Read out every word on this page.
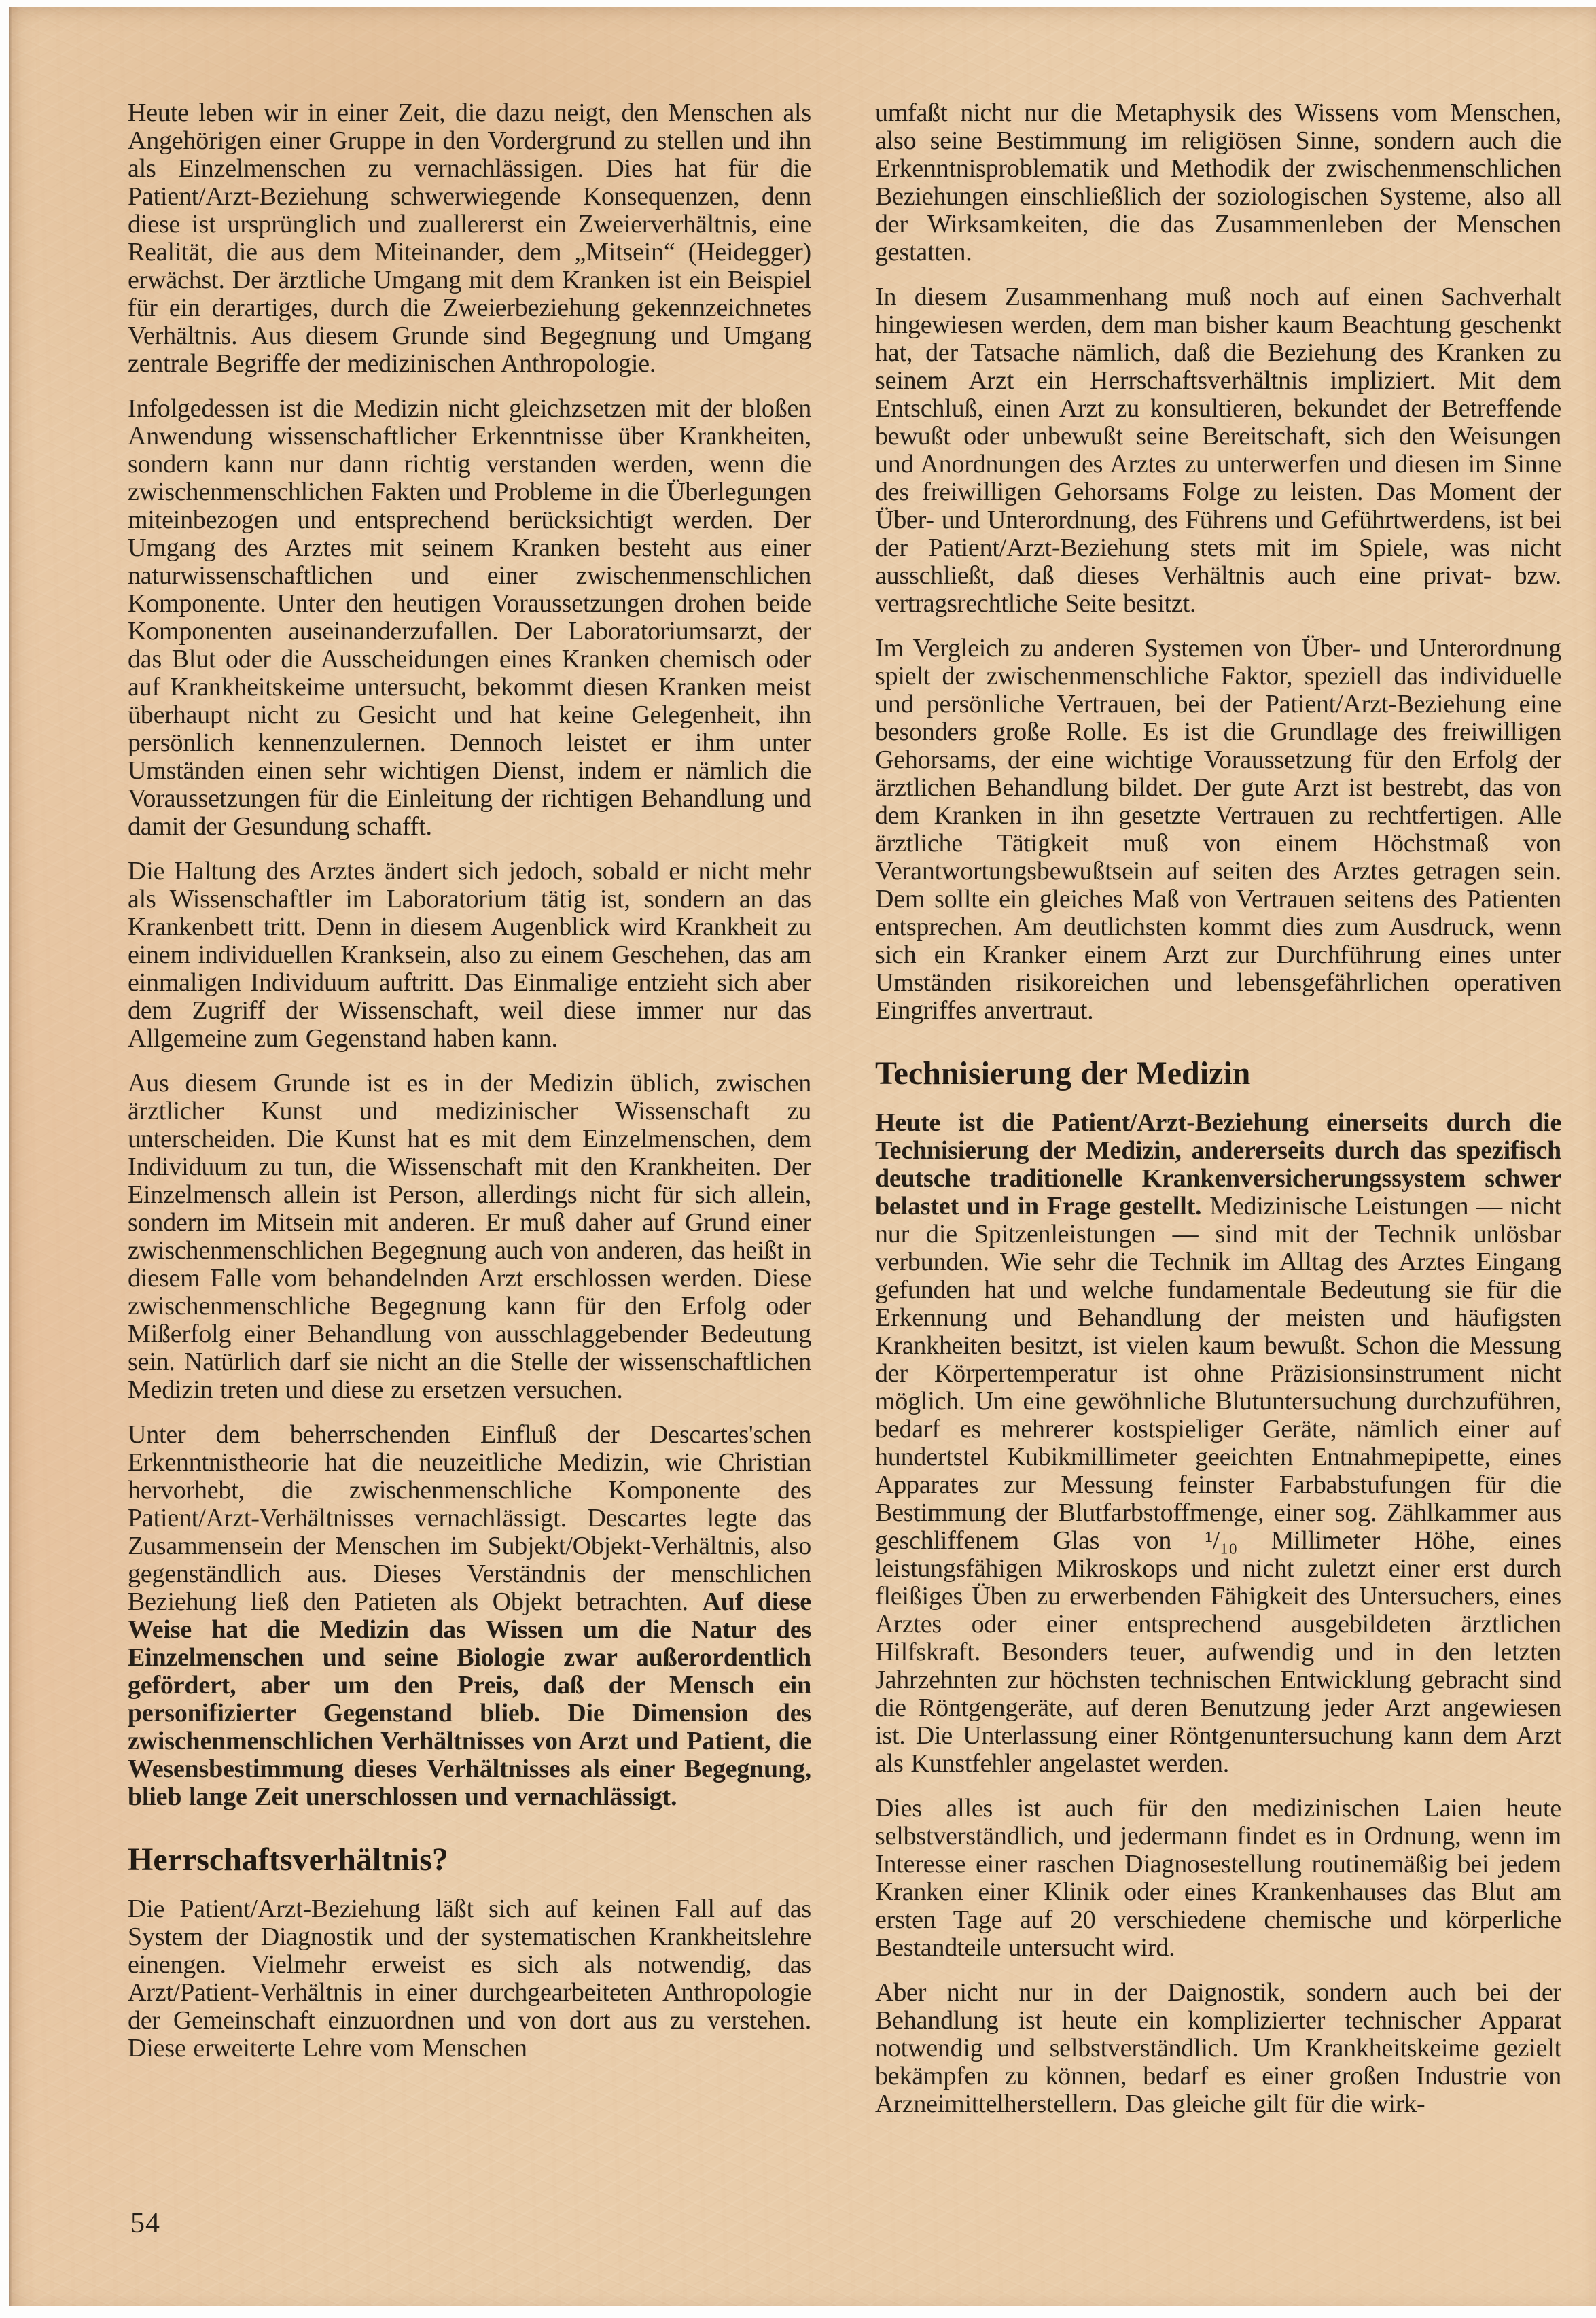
Heute leben wir in einer Zeit, die dazu neigt, den Menschen als Angehörigen einer Gruppe in den Vordergrund zu stellen und ihn als Einzelmenschen zu vernachlässigen. Dies hat für die Patient/Arzt-Beziehung schwerwiegende Konsequenzen, denn diese ist ursprünglich und zuallererst ein Zweierverhältnis, eine Realität, die aus dem Miteinander, dem „Mitsein“ (Heidegger) erwächst. Der ärztliche Umgang mit dem Kranken ist ein Beispiel für ein derartiges, durch die Zweierbeziehung gekennzeichnetes Verhältnis. Aus diesem Grunde sind Begegnung und Umgang zentrale Begriffe der medizinischen Anthropologie.

Infolgedessen ist die Medizin nicht gleichzsetzen mit der bloßen Anwendung wissenschaftlicher Erkenntnisse über Krankheiten, sondern kann nur dann richtig verstanden werden, wenn die zwischenmenschlichen Fakten und Probleme in die Überlegungen miteinbezogen und entsprechend berücksichtigt werden. Der Umgang des Arztes mit seinem Kranken besteht aus einer naturwissenschaftlichen und einer zwischenmenschlichen Komponente. Unter den heutigen Voraussetzungen drohen beide Komponenten auseinanderzufallen. Der Laboratoriumsarzt, der das Blut oder die Ausscheidungen eines Kranken chemisch oder auf Krankheitskeime untersucht, bekommt diesen Kranken meist überhaupt nicht zu Gesicht und hat keine Gelegenheit, ihn persönlich kennenzulernen. Dennoch leistet er ihm unter Umständen einen sehr wichtigen Dienst, indem er nämlich die Voraussetzungen für die Einleitung der richtigen Behandlung und damit der Gesundung schafft.

Die Haltung des Arztes ändert sich jedoch, sobald er nicht mehr als Wissenschaftler im Laboratorium tätig ist, sondern an das Krankenbett tritt. Denn in diesem Augenblick wird Krankheit zu einem individuellen Kranksein, also zu einem Geschehen, das am einmaligen Individuum auftritt. Das Einmalige entzieht sich aber dem Zugriff der Wissenschaft, weil diese immer nur das Allgemeine zum Gegenstand haben kann.

Aus diesem Grunde ist es in der Medizin üblich, zwischen ärztlicher Kunst und medizinischer Wissenschaft zu unterscheiden. Die Kunst hat es mit dem Einzelmenschen, dem Individuum zu tun, die Wissenschaft mit den Krankheiten. Der Einzelmensch allein ist Person, allerdings nicht für sich allein, sondern im Mitsein mit anderen. Er muß daher auf Grund einer zwischenmenschlichen Begegnung auch von anderen, das heißt in diesem Falle vom behandelnden Arzt erschlossen werden. Diese zwischenmenschliche Begegnung kann für den Erfolg oder Mißerfolg einer Behandlung von ausschlaggebender Bedeutung sein. Natürlich darf sie nicht an die Stelle der wissenschaftlichen Medizin treten und diese zu ersetzen versuchen.

Unter dem beherrschenden Einfluß der Descartes'schen Erkenntnistheorie hat die neuzeitliche Medizin, wie Christian hervorhebt, die zwischenmenschliche Komponente des Patient/Arzt-Verhältnisses vernachlässigt. Descartes legte das Zusammensein der Menschen im Subjekt/Objekt-Verhältnis, also gegenständlich aus. Dieses Verständnis der menschlichen Beziehung ließ den Patieten als Objekt betrachten. Auf diese Weise hat die Medizin das Wissen um die Natur des Einzelmenschen und seine Biologie zwar außerordentlich gefördert, aber um den Preis, daß der Mensch ein personifizierter Gegenstand blieb. Die Dimension des zwischenmenschlichen Verhältnisses von Arzt und Patient, die Wesensbestimmung dieses Verhältnisses als einer Begegnung, blieb lange Zeit unerschlossen und vernachlässigt.

Herrschaftsverhältnis?

Die Patient/Arzt-Beziehung läßt sich auf keinen Fall auf das System der Diagnostik und der systematischen Krankheitslehre einengen. Vielmehr erweist es sich als notwendig, das Arzt/Patient-Verhältnis in einer durchgearbeiteten Anthropologie der Gemeinschaft einzuordnen und von dort aus zu verstehen. Diese erweiterte Lehre vom Menschen

umfaßt nicht nur die Metaphysik des Wissens vom Menschen, also seine Bestimmung im religiösen Sinne, sondern auch die Erkenntnisproblematik und Methodik der zwischenmenschlichen Beziehungen einschließlich der soziologischen Systeme, also all der Wirksamkeiten, die das Zusammenleben der Menschen gestatten.

In diesem Zusammenhang muß noch auf einen Sachverhalt hingewiesen werden, dem man bisher kaum Beachtung geschenkt hat, der Tatsache nämlich, daß die Beziehung des Kranken zu seinem Arzt ein Herrschaftsverhältnis impliziert. Mit dem Entschluß, einen Arzt zu konsultieren, bekundet der Betreffende bewußt oder unbewußt seine Bereitschaft, sich den Weisungen und Anordnungen des Arztes zu unterwerfen und diesen im Sinne des freiwilligen Gehorsams Folge zu leisten. Das Moment der Über- und Unterordnung, des Führens und Geführtwerdens, ist bei der Patient/Arzt-Beziehung stets mit im Spiele, was nicht ausschließt, daß dieses Verhältnis auch eine privat- bzw. vertragsrechtliche Seite besitzt.

Im Vergleich zu anderen Systemen von Über- und Unterordnung spielt der zwischenmenschliche Faktor, speziell das individuelle und persönliche Vertrauen, bei der Patient/Arzt-Beziehung eine besonders große Rolle. Es ist die Grundlage des freiwilligen Gehorsams, der eine wichtige Voraussetzung für den Erfolg der ärztlichen Behandlung bildet. Der gute Arzt ist bestrebt, das von dem Kranken in ihn gesetzte Vertrauen zu rechtfertigen. Alle ärztliche Tätigkeit muß von einem Höchstmaß von Verantwortungsbewußtsein auf seiten des Arztes getragen sein. Dem sollte ein gleiches Maß von Vertrauen seitens des Patienten entsprechen. Am deutlichsten kommt dies zum Ausdruck, wenn sich ein Kranker einem Arzt zur Durchführung eines unter Umständen risikoreichen und lebensgefährlichen operativen Eingriffes anvertraut.

Technisierung der Medizin

Heute ist die Patient/Arzt-Beziehung einerseits durch die Technisierung der Medizin, andererseits durch das spezifisch deutsche traditionelle Krankenversicherungssystem schwer belastet und in Frage gestellt. Medizinische Leistungen — nicht nur die Spitzenleistungen — sind mit der Technik unlösbar verbunden. Wie sehr die Technik im Alltag des Arztes Eingang gefunden hat und welche fundamentale Bedeutung sie für die Erkennung und Behandlung der meisten und häufigsten Krankheiten besitzt, ist vielen kaum bewußt. Schon die Messung der Körpertemperatur ist ohne Präzisionsinstrument nicht möglich. Um eine gewöhnliche Blutuntersuchung durchzuführen, bedarf es mehrerer kostspieliger Geräte, nämlich einer auf hundertstel Kubikmillimeter geeichten Entnahmepipette, eines Apparates zur Messung feinster Farbabstufungen für die Bestimmung der Blutfarbstoffmenge, einer sog. Zählkammer aus geschliffenem Glas von ¹/₁₀ Millimeter Höhe, eines leistungsfähigen Mikroskops und nicht zuletzt einer erst durch fleißiges Üben zu erwerbenden Fähigkeit des Untersuchers, eines Arztes oder einer entsprechend ausgebildeten ärztlichen Hilfskraft. Besonders teuer, aufwendig und in den letzten Jahrzehnten zur höchsten technischen Entwicklung gebracht sind die Röntgengeräte, auf deren Benutzung jeder Arzt angewiesen ist. Die Unterlassung einer Röntgenuntersuchung kann dem Arzt als Kunstfehler angelastet werden.

Dies alles ist auch für den medizinischen Laien heute selbstverständlich, und jedermann findet es in Ordnung, wenn im Interesse einer raschen Diagnosestellung routinemäßig bei jedem Kranken einer Klinik oder eines Krankenhauses das Blut am ersten Tage auf 20 verschiedene chemische und körperliche Bestandteile untersucht wird.

Aber nicht nur in der Daignostik, sondern auch bei der Behandlung ist heute ein komplizierter technischer Apparat notwendig und selbstverständlich. Um Krankheitskeime gezielt bekämpfen zu können, bedarf es einer großen Industrie von Arzneimittelherstellern. Das gleiche gilt für die wirk-

54
